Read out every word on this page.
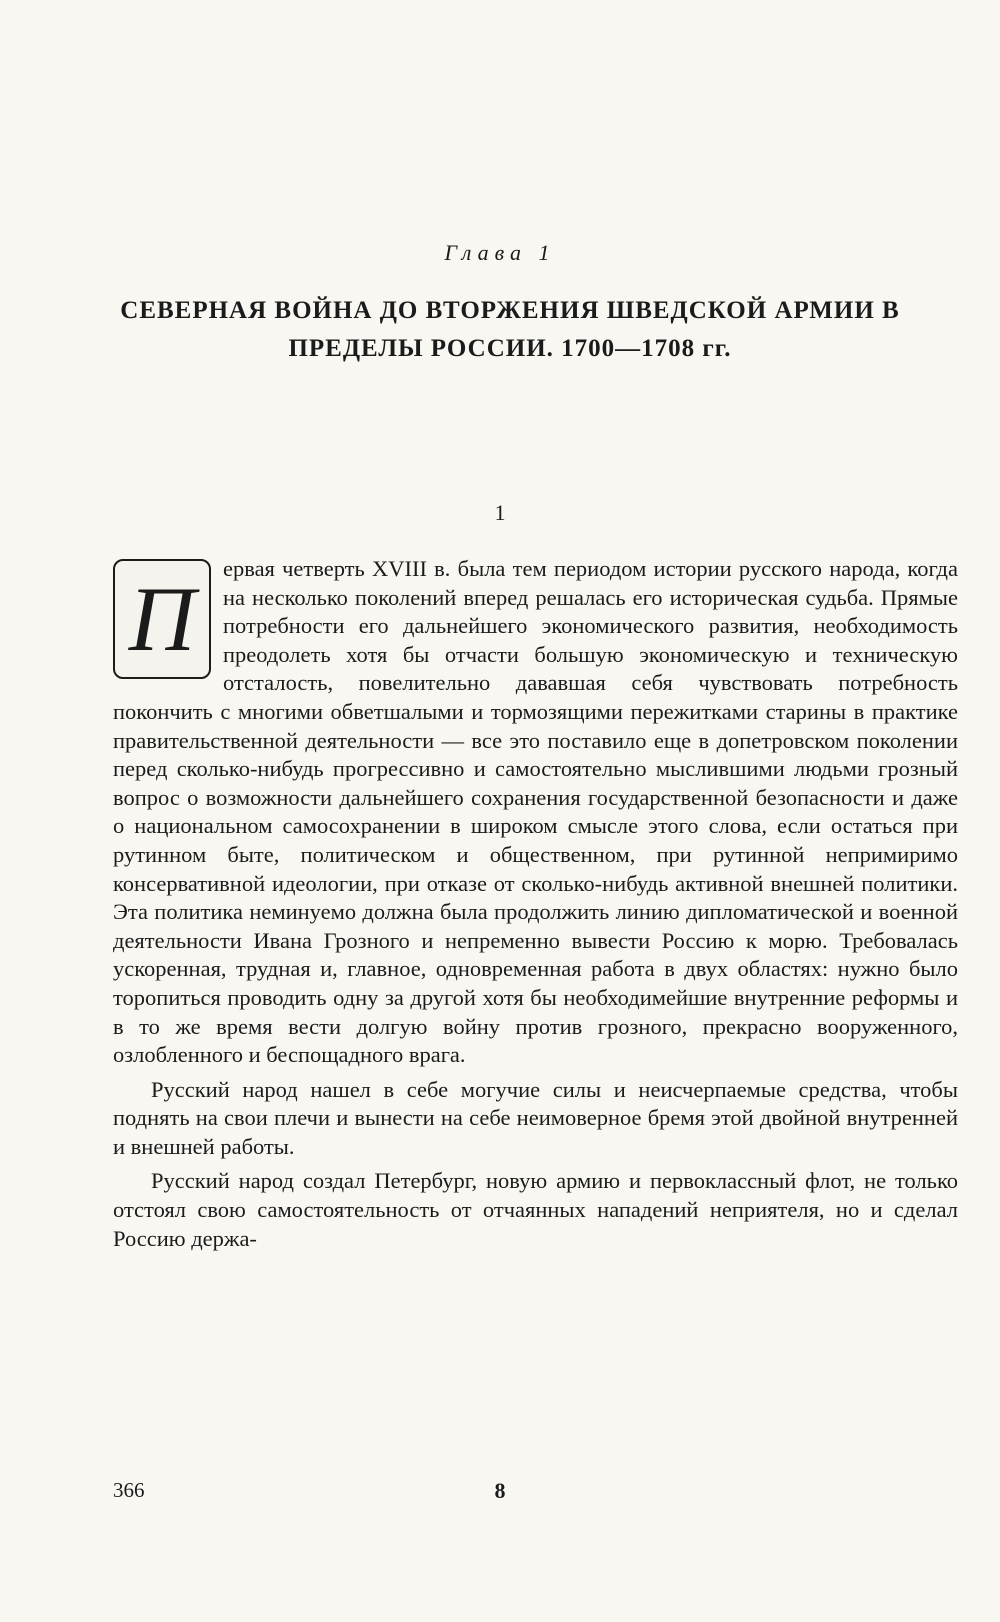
Глава 1
СЕВЕРНАЯ ВОЙНА ДО ВТОРЖЕНИЯ ШВЕДСКОЙ АРМИИ В ПРЕДЕЛЫ РОССИИ. 1700—1708 гг.
1

П	ервая четверть XVIII в. была тем периодом истории русского народа, когда на несколько поколений вперед решалась его историческая судьба. Прямые потребности его дальнейшего экономического развития, необходимость преодолеть хотя бы отчасти большую экономическую и техническую отсталость, повелительно дававшая себя чувствовать потребность покончить с многими обветшалыми и тормозящими пережитками старины в практике правительственной деятельности — все это поставило еще в допетровском поколении перед сколько-нибудь прогрессивно и самостоятельно мыслившими людьми грозный вопрос о возможности дальнейшего сохранения государственной безопасности и даже о национальном самосохранении в широком смысле этого слова, если остаться при рутинном быте, политическом и общественном, при рутинной непримиримо консервативной идеологии, при отказе от сколько-нибудь активной внешней политики. Эта политика неминуемо должна была продолжить линию дипломатической и военной деятельности Ивана Грозного и непременно вывести Россию к морю. Требовалась ускоренная, трудная и, главное, одновременная работа в двух областях: нужно было торопиться проводить одну за другой хотя бы необходимейшие внутренние реформы и в то же время вести долгую войну против грозного, прекрасно вооруженного, озлобленного и беспощадного врага.

Русский народ нашел в себе могучие силы и неисчерпаемые средства, чтобы поднять на свои плечи и вынести на себе неимоверное бремя этой двойной внутренней и внешней работы.

Русский народ создал Петербург, новую армию и первоклассный флот, не только отстоял свою самостоятельность от отчаянных нападений неприятеля, но и сделал Россию держа-

366	8
